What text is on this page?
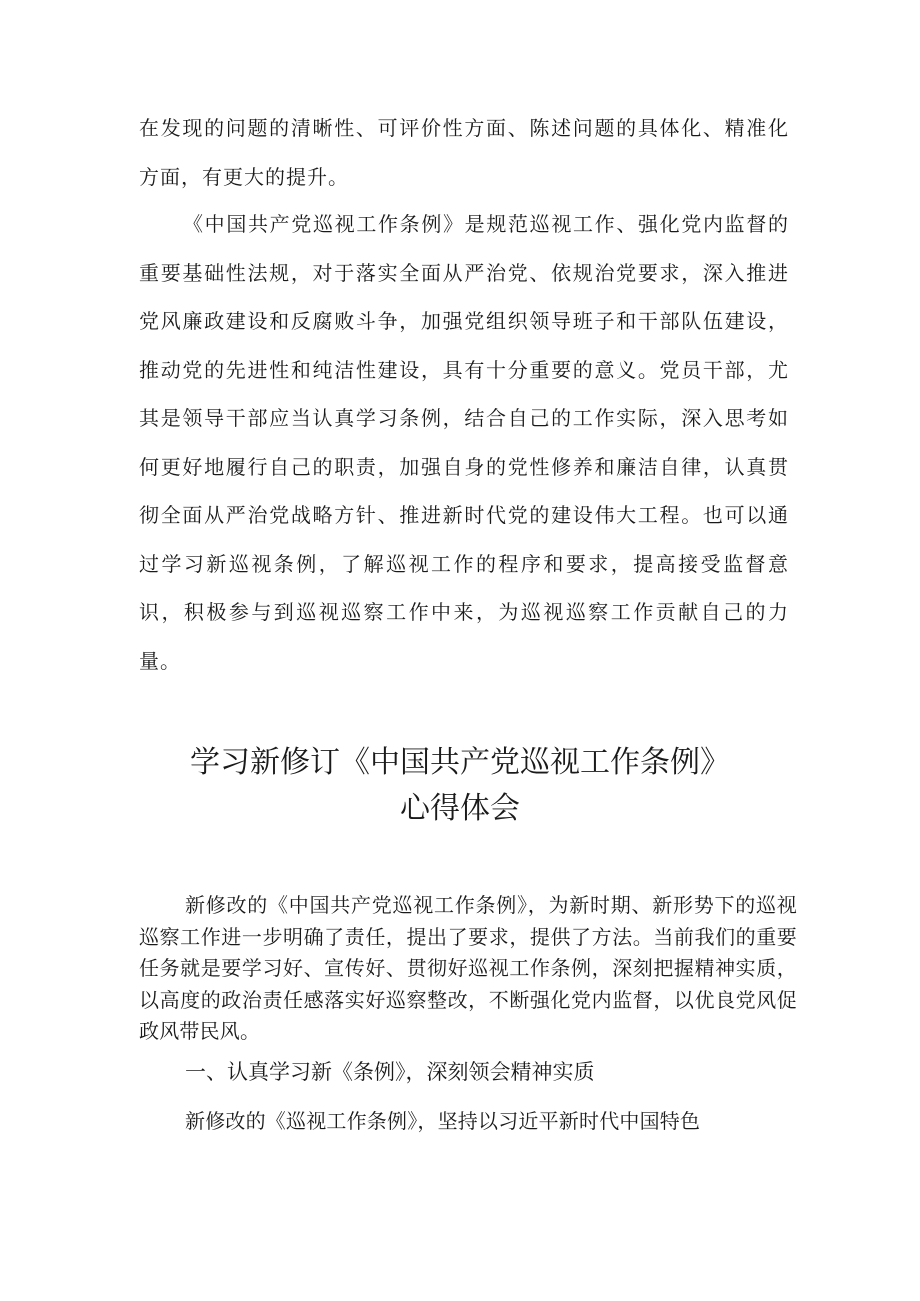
在发现的问题的清晰性、可评价性方面、陈述问题的具体化、精准化方面，有更大的提升。

《中国共产党巡视工作条例》是规范巡视工作、强化党内监督的重要基础性法规，对于落实全面从严治党、依规治党要求，深入推进党风廉政建设和反腐败斗争，加强党组织领导班子和干部队伍建设，推动党的先进性和纯洁性建设，具有十分重要的意义。党员干部，尤其是领导干部应当认真学习条例，结合自己的工作实际，深入思考如何更好地履行自己的职责，加强自身的党性修养和廉洁自律，认真贯彻全面从严治党战略方针、推进新时代党的建设伟大工程。也可以通过学习新巡视条例，了解巡视工作的程序和要求，提高接受监督意识，积极参与到巡视巡察工作中来，为巡视巡察工作贡献自己的力量。

学习新修订《中国共产党巡视工作条例》
心得体会

新修改的《中国共产党巡视工作条例》，为新时期、新形势下的巡视巡察工作进一步明确了责任，提出了要求，提供了方法。当前我们的重要任务就是要学习好、宣传好、贯彻好巡视工作条例，深刻把握精神实质，以高度的政治责任感落实好巡察整改，不断强化党内监督，以优良党风促政风带民风。

一、认真学习新《条例》，深刻领会精神实质

新修改的《巡视工作条例》，坚持以习近平新时代中国特色
